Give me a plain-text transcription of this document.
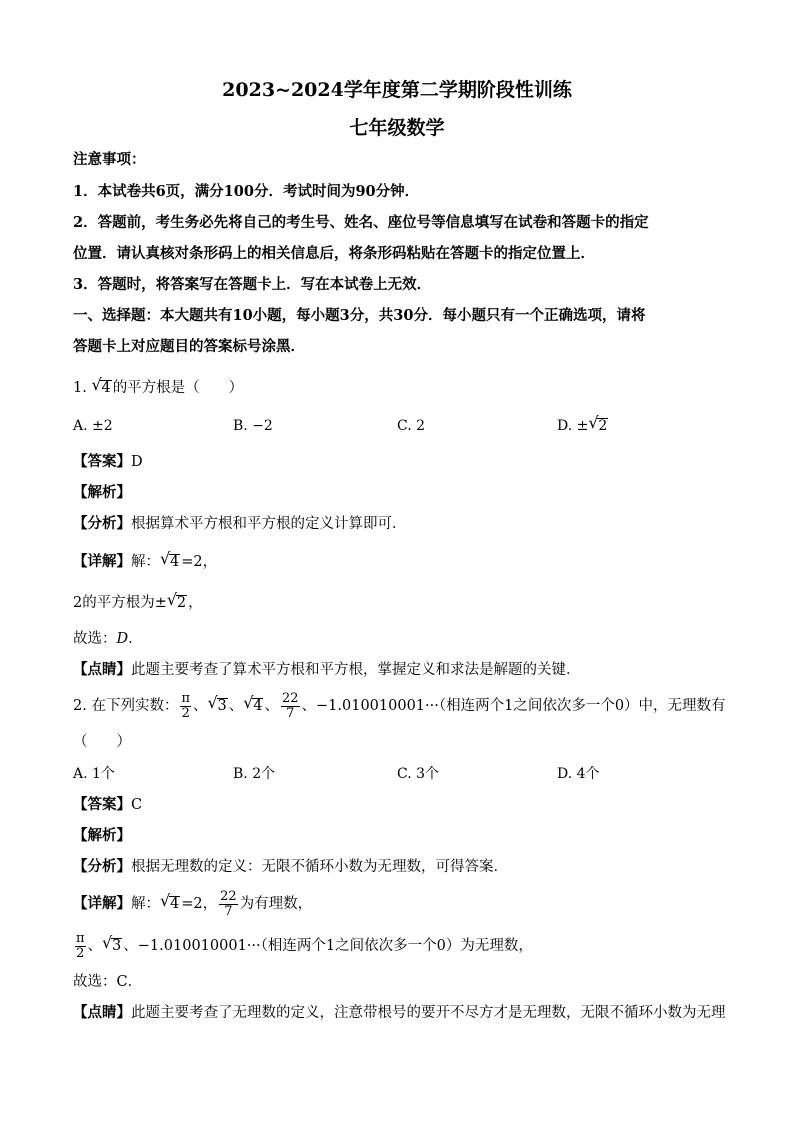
2023~2024学年度第二学期阶段性训练
七年级数学
注意事项：
1．本试卷共6页，满分100分．考试时间为90分钟．
2．答题前，考生务必先将自己的考生号、姓名、座位号等信息填写在试卷和答题卡的指定
位置．请认真核对条形码上的相关信息后，将条形码粘贴在答题卡的指定位置上．
3．答题时，将答案写在答题卡上．写在本试卷上无效．
一、选择题：本大题共有10小题，每小题3分，共30分．每小题只有一个正确选项，请将
答题卡上对应题目的答案标号涂黑．
1. √ 4 的平方根是（　　）
A. ±2	B. −2	C. 2	D. ± √ 2
【答案】D
【解析】
【分析】根据算术平方根和平方根的定义计算即可．
【详解】解： √ 4 =2，
2的平方根为± √ 2 ，
故选：D．
【点睛】此题主要考查了算术平方根和平方根，掌握定义和求法是解题的关键．
2. 在下列实数： $\frac{\pi}{2}$ 、 √ 3 、 √ 4 、 $\frac{22}{7}$ 、−1.010010001···（相连两个1之间依次多一个0）中，无理数有
（　　）
A. 1个	B. 2个	C. 3个	D. 4个
【答案】C
【解析】
【分析】根据无理数的定义：无限不循环小数为无理数，可得答案．
【详解】解： √ 4 =2， $\frac{22}{7}$ 为有理数，
$\frac{\pi}{2}$ 、 √ 3 、−1.010010001···（相连两个1之间依次多一个0）为无理数，
故选：C．
【点睛】此题主要考查了无理数的定义，注意带根号的要开不尽方才是无理数，无限不循环小数为无理
